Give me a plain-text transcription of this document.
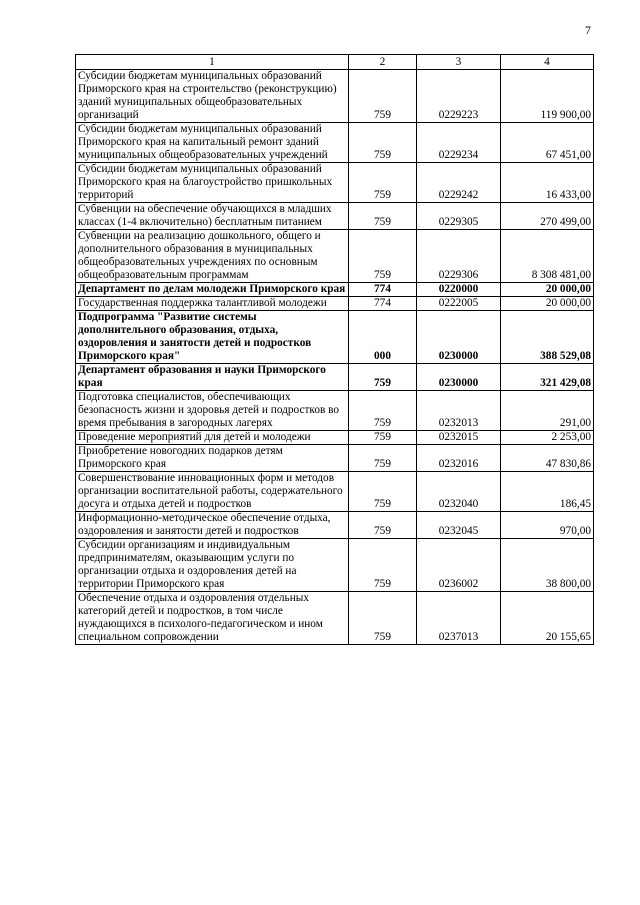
7
1	2	3	4
Субсидии бюджетам муниципальных образований Приморского края на строительство (реконструкцию) зданий муниципальных общеобразовательных организаций	759	0229223	119 900,00
Субсидии бюджетам муниципальных образований Приморского края на капитальный ремонт зданий муниципальных общеобразовательных учреждений	759	0229234	67 451,00
Субсидии бюджетам муниципальных образований Приморского края на благоустройство пришкольных территорий	759	0229242	16 433,00
Субвенции на обеспечение обучающихся в младших классах (1-4 включительно) бесплатным питанием	759	0229305	270 499,00
Субвенции на реализацию дошкольного, общего и дополнительного образования в муниципальных общеобразовательных учреждениях по основным общеобразовательным программам	759	0229306	8 308 481,00
Департамент по делам молодежи Приморского края	774	0220000	20 000,00
Государственная поддержка талантливой молодежи	774	0222005	20 000,00
Подпрограмма "Развитие системы дополнительного образования, отдыха, оздоровления и занятости детей и подростков Приморского края"	000	0230000	388 529,08
Департамент образования и науки Приморского края	759	0230000	321 429,08
Подготовка специалистов, обеспечивающих безопасность жизни и здоровья детей и подростков во время пребывания в загородных лагерях	759	0232013	291,00
Проведение мероприятий для детей и молодежи	759	0232015	2 253,00
Приобретение новогодних подарков детям Приморского края	759	0232016	47 830,86
Совершенствование инновационных форм и методов организации воспитательной работы, содержательного досуга и отдыха детей и подростков	759	0232040	186,45
Информационно-методическое обеспечение отдыха, оздоровления и занятости детей и подростков	759	0232045	970,00
Субсидии организациям и индивидуальным предпринимателям, оказывающим услуги по организации отдыха и оздоровления детей на территории Приморского края	759	0236002	38 800,00
Обеспечение отдыха и оздоровления отдельных категорий детей и подростков, в том числе нуждающихся в психолого-педагогическом и ином специальном сопровождении	759	0237013	20 155,65
